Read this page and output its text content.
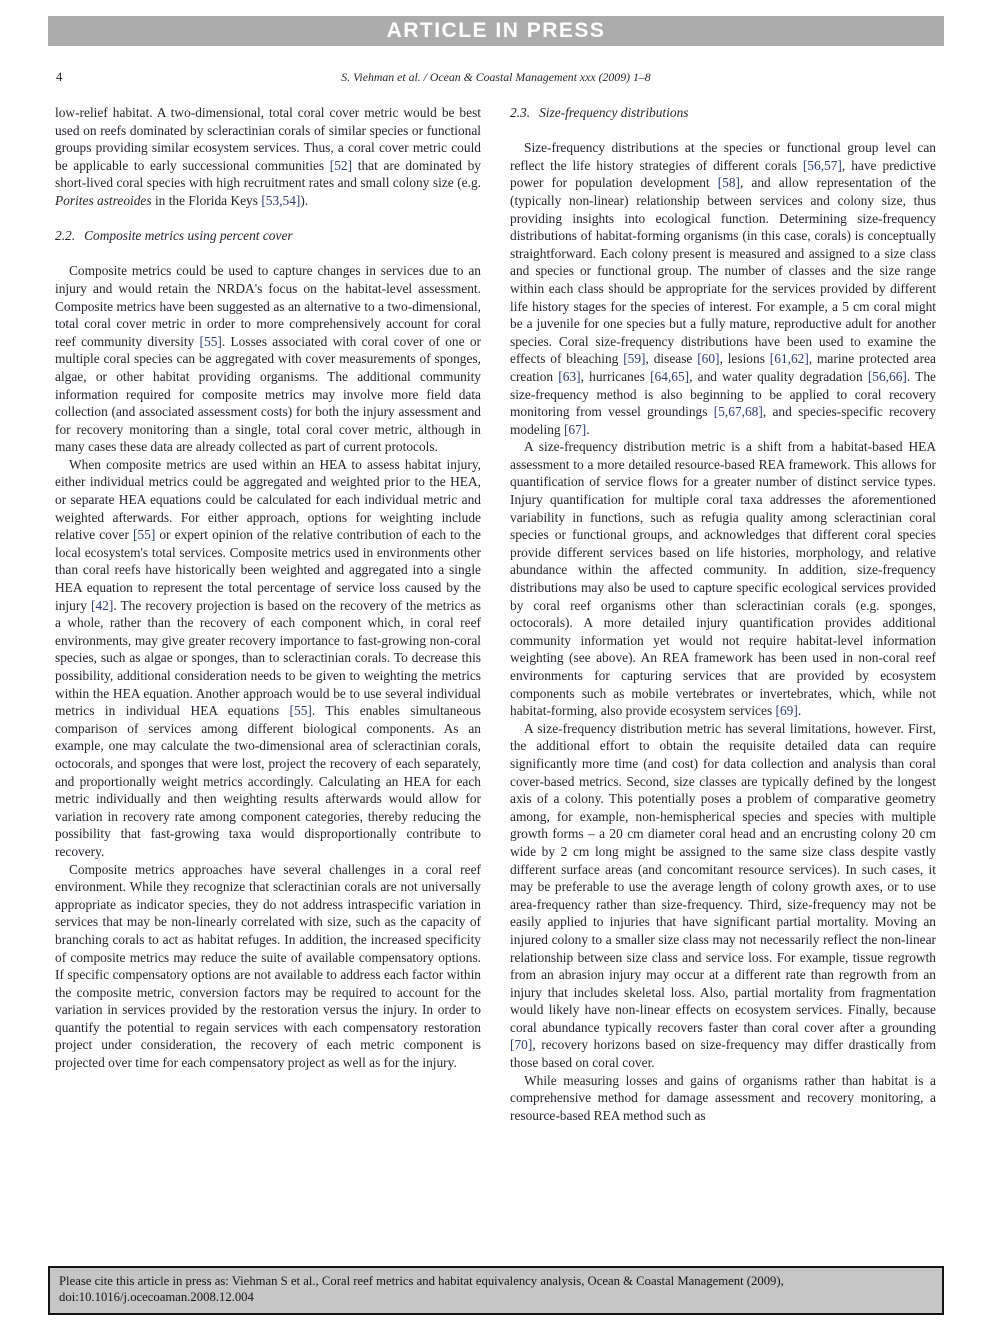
ARTICLE IN PRESS
4	S. Viehman et al. / Ocean & Coastal Management xxx (2009) 1–8

low-relief habitat. A two-dimensional, total coral cover metric would be best used on reefs dominated by scleractinian corals of similar species or functional groups providing similar ecosystem services. Thus, a coral cover metric could be applicable to early successional communities [52] that are dominated by short-lived coral species with high recruitment rates and small colony size (e.g. Porites astreoides in the Florida Keys [53,54]).

2.2. Composite metrics using percent cover

Composite metrics could be used to capture changes in services due to an injury and would retain the NRDA's focus on the habitat-level assessment. Composite metrics have been suggested as an alternative to a two-dimensional, total coral cover metric in order to more comprehensively account for coral reef community diversity [55]. Losses associated with coral cover of one or multiple coral species can be aggregated with cover measurements of sponges, algae, or other habitat providing organisms. The additional community information required for composite metrics may involve more field data collection (and associated assessment costs) for both the injury assessment and for recovery monitoring than a single, total coral cover metric, although in many cases these data are already collected as part of current protocols.

When composite metrics are used within an HEA to assess habitat injury, either individual metrics could be aggregated and weighted prior to the HEA, or separate HEA equations could be calculated for each individual metric and weighted afterwards. For either approach, options for weighting include relative cover [55] or expert opinion of the relative contribution of each to the local ecosystem's total services. Composite metrics used in environments other than coral reefs have historically been weighted and aggregated into a single HEA equation to represent the total percentage of service loss caused by the injury [42]. The recovery projection is based on the recovery of the metrics as a whole, rather than the recovery of each component which, in coral reef environments, may give greater recovery importance to fast-growing non-coral species, such as algae or sponges, than to scleractinian corals. To decrease this possibility, additional consideration needs to be given to weighting the metrics within the HEA equation. Another approach would be to use several individual metrics in individual HEA equations [55]. This enables simultaneous comparison of services among different biological components. As an example, one may calculate the two-dimensional area of scleractinian corals, octocorals, and sponges that were lost, project the recovery of each separately, and proportionally weight metrics accordingly. Calculating an HEA for each metric individually and then weighting results afterwards would allow for variation in recovery rate among component categories, thereby reducing the possibility that fast-growing taxa would disproportionally contribute to recovery.

Composite metrics approaches have several challenges in a coral reef environment. While they recognize that scleractinian corals are not universally appropriate as indicator species, they do not address intraspecific variation in services that may be non-linearly correlated with size, such as the capacity of branching corals to act as habitat refuges. In addition, the increased specificity of composite metrics may reduce the suite of available compensatory options. If specific compensatory options are not available to address each factor within the composite metric, conversion factors may be required to account for the variation in services provided by the restoration versus the injury. In order to quantify the potential to regain services with each compensatory restoration project under consideration, the recovery of each metric component is projected over time for each compensatory project as well as for the injury.

2.3. Size-frequency distributions

Size-frequency distributions at the species or functional group level can reflect the life history strategies of different corals [56,57], have predictive power for population development [58], and allow representation of the (typically non-linear) relationship between services and colony size, thus providing insights into ecological function. Determining size-frequency distributions of habitat-forming organisms (in this case, corals) is conceptually straightforward. Each colony present is measured and assigned to a size class and species or functional group. The number of classes and the size range within each class should be appropriate for the services provided by different life history stages for the species of interest. For example, a 5 cm coral might be a juvenile for one species but a fully mature, reproductive adult for another species. Coral size-frequency distributions have been used to examine the effects of bleaching [59], disease [60], lesions [61,62], marine protected area creation [63], hurricanes [64,65], and water quality degradation [56,66]. The size-frequency method is also beginning to be applied to coral recovery monitoring from vessel groundings [5,67,68], and species-specific recovery modeling [67].

A size-frequency distribution metric is a shift from a habitat-based HEA assessment to a more detailed resource-based REA framework. This allows for quantification of service flows for a greater number of distinct service types. Injury quantification for multiple coral taxa addresses the aforementioned variability in functions, such as refugia quality among scleractinian coral species or functional groups, and acknowledges that different coral species provide different services based on life histories, morphology, and relative abundance within the affected community. In addition, size-frequency distributions may also be used to capture specific ecological services provided by coral reef organisms other than scleractinian corals (e.g. sponges, octocorals). A more detailed injury quantification provides additional community information yet would not require habitat-level information weighting (see above). An REA framework has been used in non-coral reef environments for capturing services that are provided by ecosystem components such as mobile vertebrates or invertebrates, which, while not habitat-forming, also provide ecosystem services [69].

A size-frequency distribution metric has several limitations, however. First, the additional effort to obtain the requisite detailed data can require significantly more time (and cost) for data collection and analysis than coral cover-based metrics. Second, size classes are typically defined by the longest axis of a colony. This potentially poses a problem of comparative geometry among, for example, non-hemispherical species and species with multiple growth forms – a 20 cm diameter coral head and an encrusting colony 20 cm wide by 2 cm long might be assigned to the same size class despite vastly different surface areas (and concomitant resource services). In such cases, it may be preferable to use the average length of colony growth axes, or to use area-frequency rather than size-frequency. Third, size-frequency may not be easily applied to injuries that have significant partial mortality. Moving an injured colony to a smaller size class may not necessarily reflect the non-linear relationship between size class and service loss. For example, tissue regrowth from an abrasion injury may occur at a different rate than regrowth from an injury that includes skeletal loss. Also, partial mortality from fragmentation would likely have non-linear effects on ecosystem services. Finally, because coral abundance typically recovers faster than coral cover after a grounding [70], recovery horizons based on size-frequency may differ drastically from those based on coral cover.

While measuring losses and gains of organisms rather than habitat is a comprehensive method for damage assessment and recovery monitoring, a resource-based REA method such as

Please cite this article in press as: Viehman S et al., Coral reef metrics and habitat equivalency analysis, Ocean & Coastal Management (2009),
doi:10.1016/j.ocecoaman.2008.12.004
